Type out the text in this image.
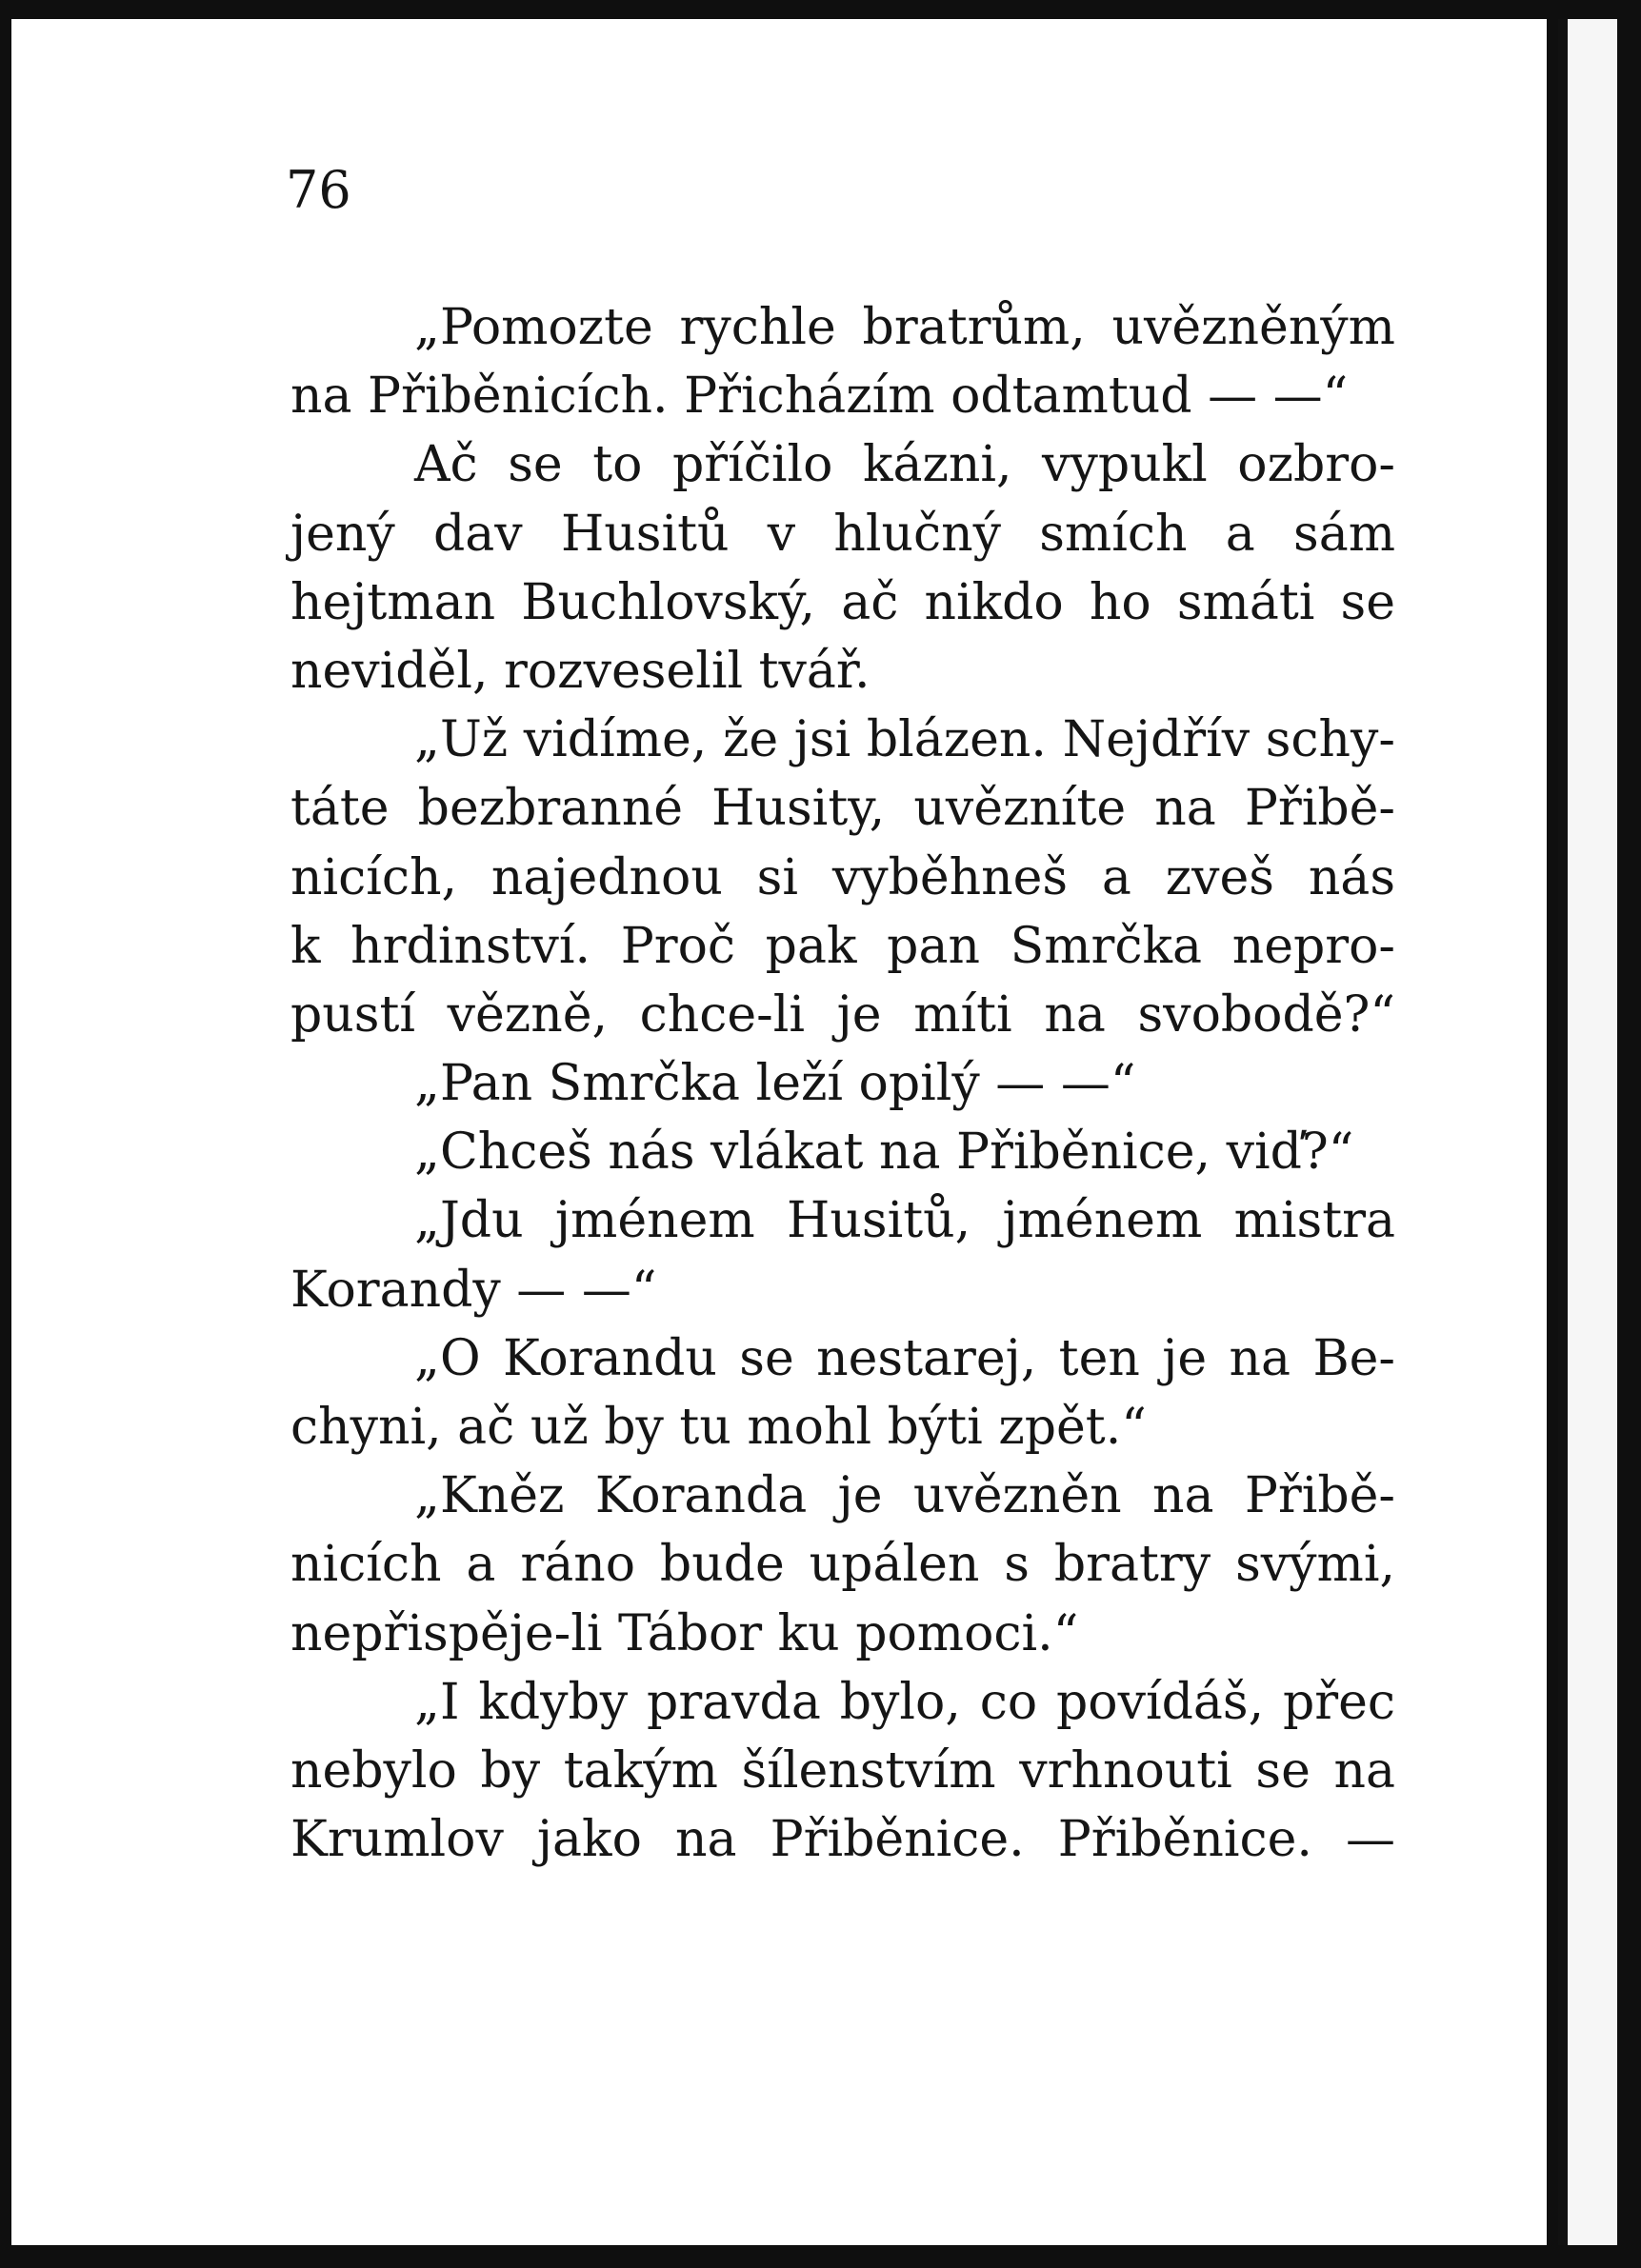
76
„Pomozte rychle bratrům, uvězněným
na Přiběnicích. Přicházím odtamtud — —“
Ač se to příčilo kázni, vypukl ozbro-
jený dav Husitů v hlučný smích a sám
hejtman Buchlovský, ač nikdo ho smáti se
neviděl, rozveselil tvář.
„Už vidíme, že jsi blázen. Nejdřív schy-
táte bezbranné Husity, uvězníte na Přibě-
nicích, najednou si vyběhneš a zveš nás
k hrdinství. Proč pak pan Smrčka nepro-
pustí vězně, chce-li je míti na svobodě?“
„Pan Smrčka leží opilý — —“
„Chceš nás vlákat na Přiběnice, viď?“
„Jdu jménem Husitů, jménem mistra
Korandy — —“
„O Korandu se nestarej, ten je na Be-
chyni, ač už by tu mohl býti zpět.“
„Kněz Koranda je uvězněn na Přibě-
nicích a ráno bude upálen s bratry svými,
nepřispěje-li Tábor ku pomoci.“
„I kdyby pravda bylo, co povídáš, přec
nebylo by takým šílenstvím vrhnouti se na
Krumlov jako na Přiběnice. Přiběnice. —
